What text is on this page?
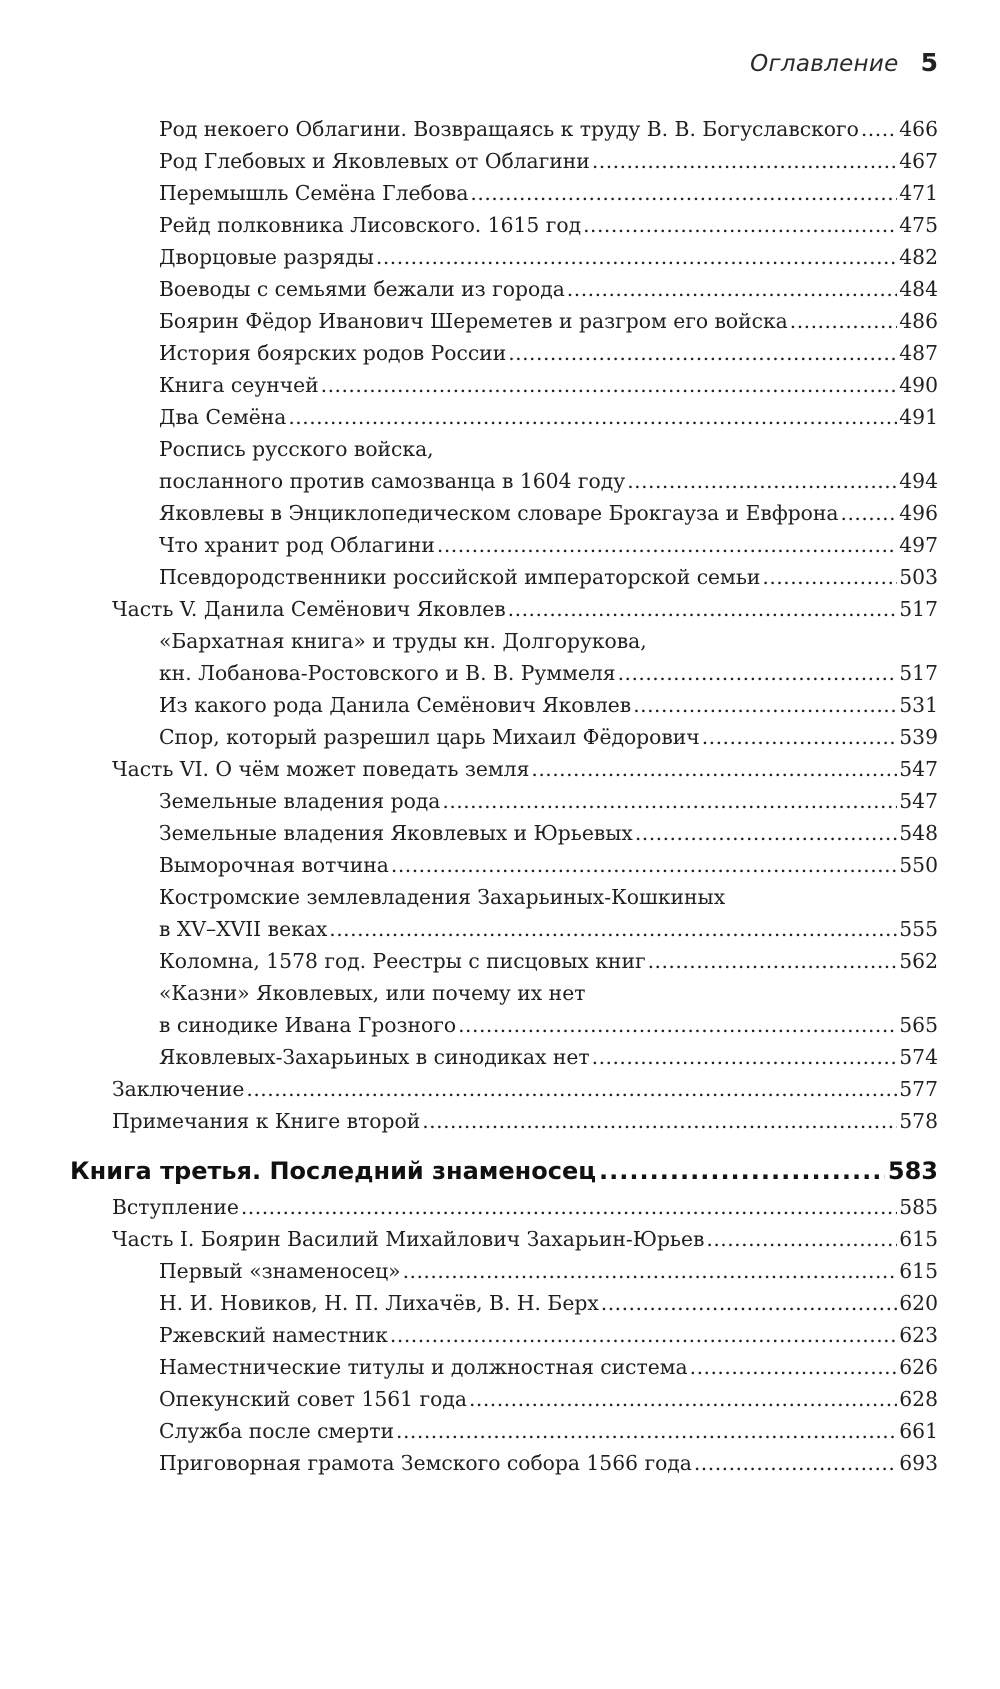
Оглавление 5
Род некоего Облагини. Возвращаясь к труду В. В. Богуславского ..... 466
Род Глебовых и Яковлевых от Облагини .....	467
Перемышль Семёна Глебова .....	471
Рейд полковника Лисовского. 1615 год .....	475
Дворцовые разряды .....	482
Воеводы с семьями бежали из города .....	484
Боярин Фёдор Иванович Шереметев и разгром его войска .....	486
История боярских родов России .....	487
Книга сеунчей .....	490
Два Семёна .....	491
Роспись русского войска,
посланного против самозванца в 1604 году .....	494
Яковлевы в Энциклопедическом словаре Брокгауза и Евфрона .....	496
Что хранит род Облагини .....	497
Псевдородственники российской императорской семьи .....	503
Часть V. Данила Семёнович Яковлев .....	517
«Бархатная книга» и труды кн. Долгорукова,
кн. Лобанова-Ростовского и В. В. Руммеля .....	517
Из какого рода Данила Семёнович Яковлев .....	531
Спор, который разрешил царь Михаил Фёдорович .....	539
Часть VI. О чём может поведать земля .....	547
Земельные владения рода .....	547
Земельные владения Яковлевых и Юрьевых .....	548
Выморочная вотчина .....	550
Костромские землевладения Захарьиных-Кошкиных
в XV–XVII веках .....	555
Коломна, 1578 год. Реестры с писцовых книг .....	562
«Казни» Яковлевых, или почему их нет
в синодике Ивана Грозного .....	565
Яковлевых-Захарьиных в синодиках нет .....	574
Заключение .....	577
Примечания к Книге второй .....	578
Книга третья. Последний знаменосец .....	583
Вступление .....	585
Часть I. Боярин Василий Михайлович Захарьин-Юрьев .....	615
Первый «знаменосец» .....	615
Н. И. Новиков, Н. П. Лихачёв, В. Н. Берх .....	620
Ржевский наместник .....	623
Наместнические титулы и должностная система .....	626
Опекунский совет 1561 года .....	628
Служба после смерти .....	661
Приговорная грамота Земского собора 1566 года .....	693
